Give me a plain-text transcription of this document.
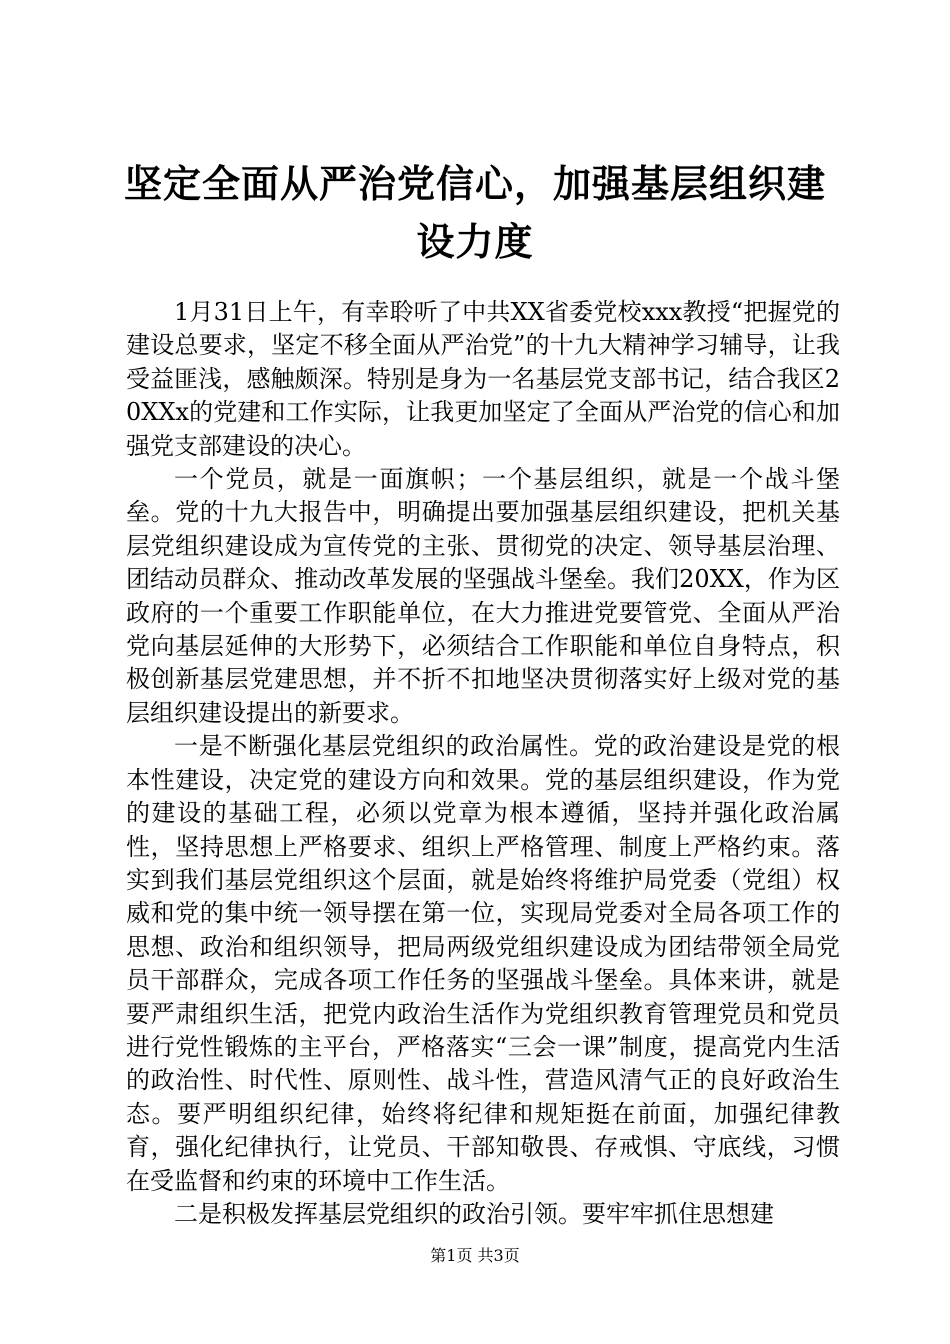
坚定全面从严治党信心，加强基层组织建设力度

1月31日上午，有幸聆听了中共XX省委党校xxx教授“把握党的建设总要求，坚定不移全面从严治党”的十九大精神学习辅导，让我受益匪浅，感触颇深。特别是身为一名基层党支部书记，结合我区20XXx的党建和工作实际，让我更加坚定了全面从严治党的信心和加强党支部建设的决心。

一个党员，就是一面旗帜；一个基层组织，就是一个战斗堡垒。党的十九大报告中，明确提出要加强基层组织建设，把机关基层党组织建设成为宣传党的主张、贯彻党的决定、领导基层治理、团结动员群众、推动改革发展的坚强战斗堡垒。我们20XX，作为区政府的一个重要工作职能单位，在大力推进党要管党、全面从严治党向基层延伸的大形势下，必须结合工作职能和单位自身特点，积极创新基层党建思想，并不折不扣地坚决贯彻落实好上级对党的基层组织建设提出的新要求。

一是不断强化基层党组织的政治属性。党的政治建设是党的根本性建设，决定党的建设方向和效果。党的基层组织建设，作为党的建设的基础工程，必须以党章为根本遵循，坚持并强化政治属性，坚持思想上严格要求、组织上严格管理、制度上严格约束。落实到我们基层党组织这个层面，就是始终将维护局党委（党组）权威和党的集中统一领导摆在第一位，实现局党委对全局各项工作的思想、政治和组织领导，把局两级党组织建设成为团结带领全局党员干部群众，完成各项工作任务的坚强战斗堡垒。具体来讲，就是要严肃组织生活，把党内政治生活作为党组织教育管理党员和党员进行党性锻炼的主平台，严格落实“三会一课”制度，提高党内生活的政治性、时代性、原则性、战斗性，营造风清气正的良好政治生态。要严明组织纪律，始终将纪律和规矩挺在前面，加强纪律教育，强化纪律执行，让党员、干部知敬畏、存戒惧、守底线，习惯在受监督和约束的环境中工作生活。

二是积极发挥基层党组织的政治引领。要牢牢抓住思想建

第1页 共3页
